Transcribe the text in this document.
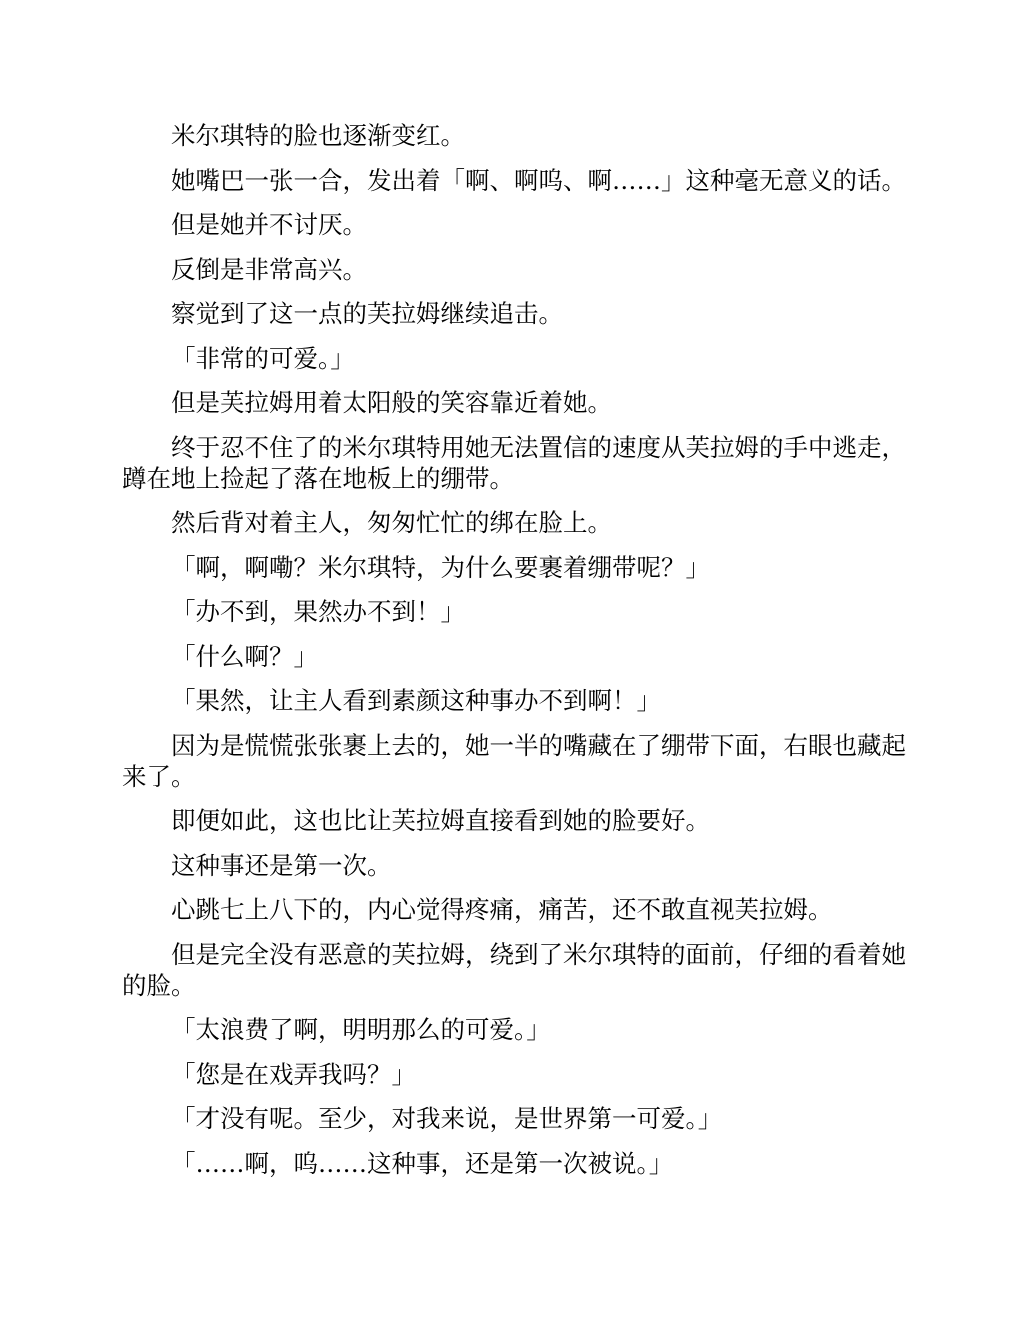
米尔琪特的脸也逐渐变红。

她嘴巴一张一合，发出着「啊、啊呜、啊……」这种毫无意义的话。

但是她并不讨厌。

反倒是非常高兴。

察觉到了这一点的芙拉姆继续追击。

「非常的可爱。」

但是芙拉姆用着太阳般的笑容靠近着她。

终于忍不住了的米尔琪特用她无法置信的速度从芙拉姆的手中逃走，蹲在地上捡起了落在地板上的绷带。

然后背对着主人，匆匆忙忙的绑在脸上。

「啊，啊嘞？米尔琪特，为什么要裹着绷带呢？」

「办不到，果然办不到！」

「什么啊？」

「果然，让主人看到素颜这种事办不到啊！」

因为是慌慌张张裹上去的，她一半的嘴藏在了绷带下面，右眼也藏起来了。

即便如此，这也比让芙拉姆直接看到她的脸要好。

这种事还是第一次。

心跳七上八下的，内心觉得疼痛，痛苦，还不敢直视芙拉姆。

但是完全没有恶意的芙拉姆，绕到了米尔琪特的面前，仔细的看着她的脸。

「太浪费了啊，明明那么的可爱。」

「您是在戏弄我吗？」

「才没有呢。至少，对我来说，是世界第一可爱。」

「……啊，呜……这种事，还是第一次被说。」
